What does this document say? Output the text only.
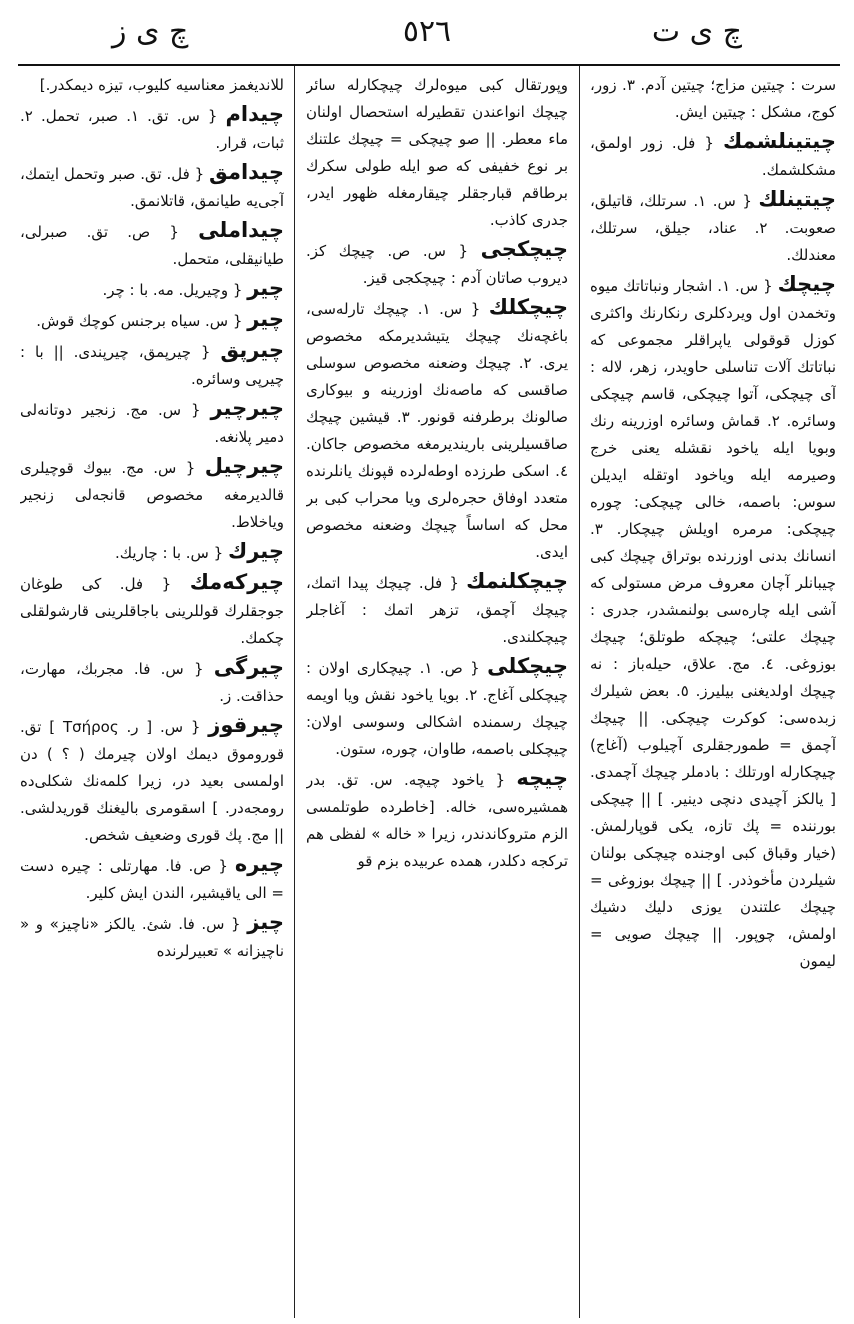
چ ی ز	٥٢٦	چ ی ت
سرت : چیتین مزاج؛ چیتین آدم. ٣. زور، کوج، مشکل : چیتین ایش.
چیتینلشمك { فل. زور اولمق، مشکلشمك.
چیتینلك { س. ١. سرتلك، قاتیلق، صعوبت. ٢. عناد، جیلق، سرتلك، معندلك.
چیچك { س. ١. اشجار ونباتاتك میوه وتخمدن اول ویردکلری رنکارنك واکثری کوزل قوقولی یاپراقلر مجموعی که نباتاتك آلات تناسلی حاویدر، زهر، لاله : آی چیچکی، آتوا چیچکی، قاسم چیچکی وسائره. ٢. قماش وسائره اوزرینه رنك وبویا ایله یاخود نقشله یعنی خرج وصیرمه ایله ویاخود اوتقله ایدیلن سوس: باصمه، خالی چیچکی: چوره چیچکی: مرمره اویلش چیچکار. ٣. انسانك بدنی اوزرنده بوتراق چیچك کبی چیبانلر آچان معروف مرض مستولی که آشی ایله چاره‌سی بولنمشدر، جدری : چیچك علتی؛ چیچکه طوتلق؛ چیچك بوزوغی. ٤. مج. علاق، حیله‌باز : نه چیچك اولدیغنی بیلیرز. ٥. بعض شیلرك زبده‌سی: کوکرت چیچکی. || چیچك آچمق = طمورجقلری آچیلوب (آغاج) چیچکارله اورتلك : بادملر چیچك آچمدی. [ یالکز آچیدی دنچی دینیر. ] || چیچکی بورننده = پك تازه، یکی قوپارلمش. (خیار وقباق کبی اوجنده چیچکی بولنان شیلردن مأخوذدر. ] || چیچك بوزوغی = چیچك علتندن یوزی دلیك دشیك اولمش، چوپور. || چیچك صویی = لیمون
وپورتقال کبی میوه‌لرك چیچکارله سائر چیچك انواعندن تقطیرله استحصال اولنان ماء معطر. || صو چیچکی = چیچك علتنك بر نوع خفیفی که صو ایله طولی سکرك برطاقم قبارجقلر چیقارمغله ظهور ایدر، جدری کاذب.
چیچکجی { س. ص. چیچك کز. دیروب صاتان آدم : چیچکجی قیز.
چیچکلك { س. ١. چیچك تارله‌سی، باغچه‌نك چیچك یتیشدیرمکه مخصوص یری. ٢. چیچك وضعنه مخصوص سوسلی صاقسی که ماصه‌نك اوزرینه و بیوکاری صالونك برطرفنه قونور. ٣. قیشین چیچك صاقسیلرینی بارینديرمغه مخصوص جاکان. ٤. اسکی طرزده اوطه‌لرده قپونك یانلرنده متعدد اوفاق حجره‌لری ویا محراب کبی بر محل که اساساً چیچك وضعنه مخصوص ایدی.
چیچکلنمك { فل. چیچك پیدا اتمك، چیچك آچمق، تزهر اتمك : آغاجلر چیچکلندی.
چیچکلی { ص. ١. چیچکاری اولان : چیچکلی آغاج. ٢. بویا یاخود نقش ویا اویمه چیچك رسمنده اشکالی وسوسی اولان: چیچکلی باصمه، طاوان، چوره، ستون.
چیچه { یاخود چیچه. س. تق. بدر همشیره‌سی، خاله. [خاطرده طوتلمسی الزم متروکاندندر، زیرا « خاله » لفظی هم ترکجه دکلدر، همده عربیده بزم قو
للانديغمز معناسيه کلیوب، تیزه دیمکدر.]
چیدام { س. تق. ١. صبر، تحمل. ٢. ثبات، قرار.
چیدامق { فل. تق. صبر وتحمل ایتمك، آجی‌یه طیانمق، قاتلانمق.
چیداملی { ص. تق. صبرلی، طیانیقلی، متحمل.
چیر { وچیریل. مه. با : چر.
چیر { س. سیاه برجنس کوچك قوش.
چیرپق { چیرپمق، چیرپندی. || با : چیرپی وسائره.
چیرچیر { س. مج. زنجیر دوتانه‌لی دمیر پلانغه.
چیرچیل { س. مج. بیوك قوچیلری قالدیرمغه مخصوص قانجه‌لی زنجیر ویاخلاط.
چیرك { س. با : چاریك.
چیرکه‌مك { فل. کی طوغان جوجقلرك قوللرینی باجاقلرینی قارشولقلی چکمك.
چیرگی { س. فا. مجربك، مهارت، حذاقت. ز.
چیرقوز { س. [ ر. Τσήρος ] تق. قوروموق دیمك اولان چیرمك ( ؟ ) دن اولمسی بعید در، زیرا کلمه‌نك شکلی‌ده رومجه‌در. ] اسقومری بالیغنك قوریدلشی. || مج. پك قوری وضعیف شخص.
چیره { ص. فا. مهارتلی : چیره دست = الی یاقیشیر، الندن ایش کلیر.
چیز { س. فا. شئ. یالکز «ناچیز» و « ناچیزانه » تعبیرلرنده
